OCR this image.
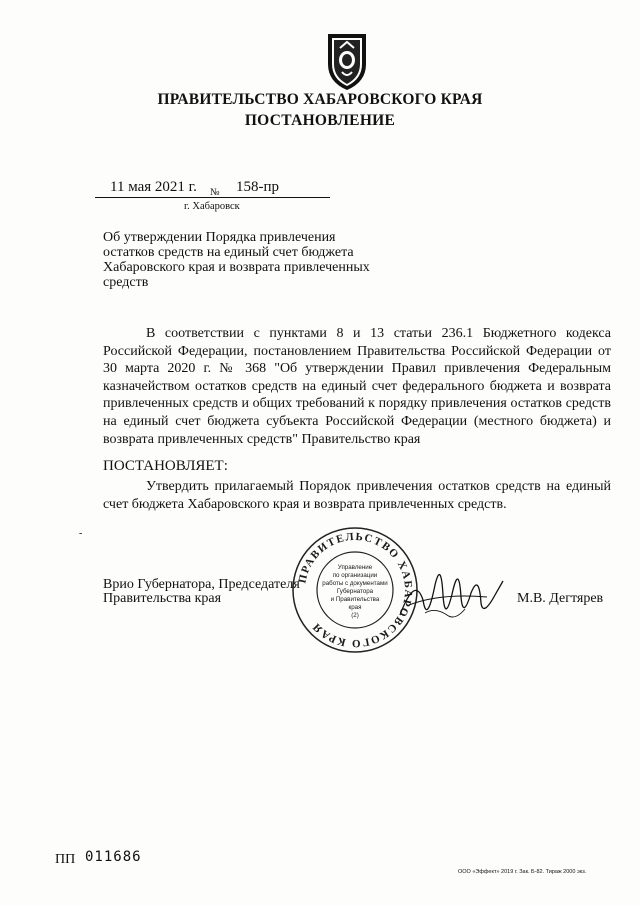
ПРАВИТЕЛЬСТВО ХАБАРОВСКОГО КРАЯ
ПОСТАНОВЛЕНИЕ
11 мая 2021 г. № 158-пр
г. Хабаровск
Об утверждении Порядка привлечения остатков средств на единый счет бюджета Хабаровского края и возврата привлеченных средств
В соответствии с пунктами 8 и 13 статьи 236.1 Бюджетного кодекса Российской Федерации, постановлением Правительства Российской Федерации от 30 марта 2020 г. № 368 "Об утверждении Правил привлечения Федеральным казначейством остатков средств на единый счет федерального бюджета и возврата привлеченных средств и общих требований к порядку привлечения остатков средств на единый счет бюджета субъекта Российской Федерации (местного бюджета) и возврата привлеченных средств" Правительство края
ПОСТАНОВЛЯЕТ:
Утвердить прилагаемый Порядок привлечения остатков средств на единый счет бюджета Хабаровского края и возврата привлеченных средств.
-
ПРАВИТЕЛЬСТВО ХАБАРОВСКОГО КРАЯ
Управление
по организации
работы с документами
Губернатора
и Правительства
края
(2)
Врио Губернатора, Председателя
Правительства края	М.В. Дегтярев
ПП 011686
ООО «Эффект» 2019 г. Зак. Б-82. Тираж 2000 экз.
